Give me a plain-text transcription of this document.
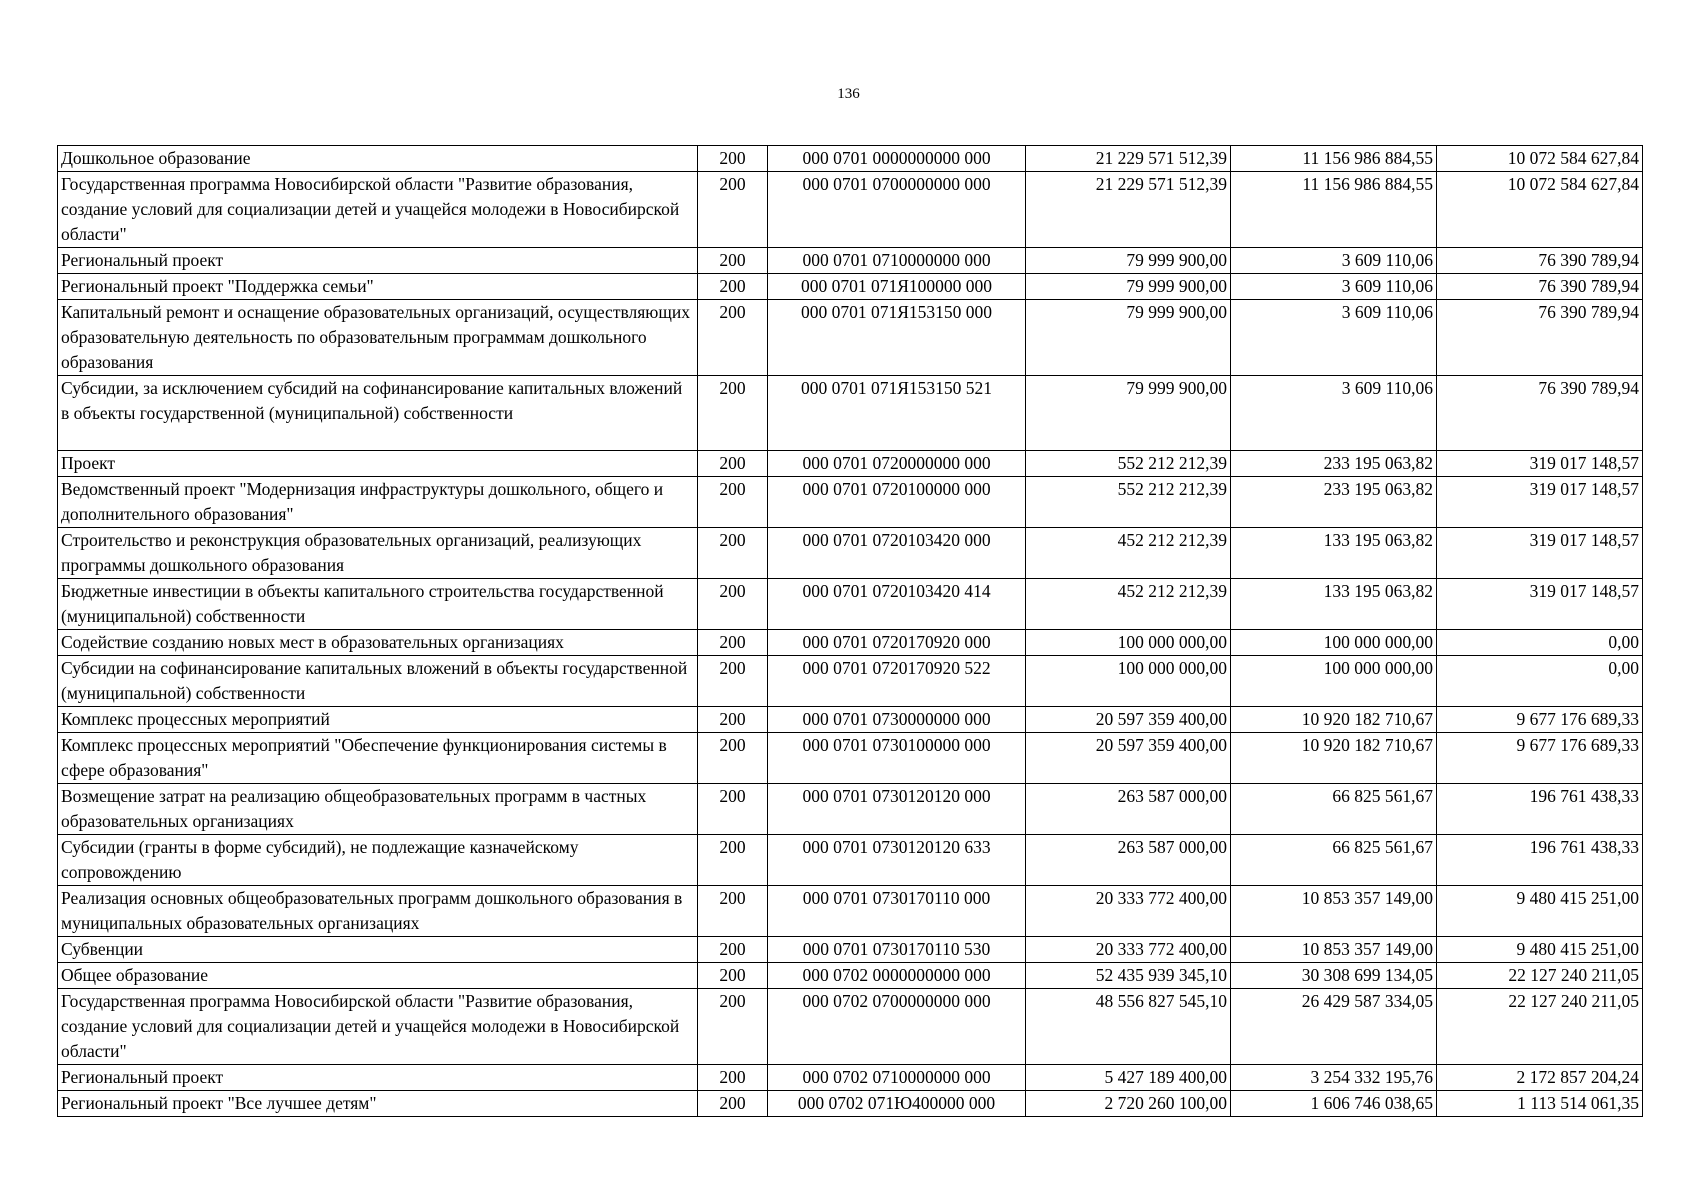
136
Дошкольное образование	200	000 0701 0000000000 000	21 229 571 512,39	11 156 986 884,55	10 072 584 627,84
Государственная программа Новосибирской области "Развитие образования, создание условий для социализации детей и учащейся молодежи в Новосибирской области"	200	000 0701 0700000000 000	21 229 571 512,39	11 156 986 884,55	10 072 584 627,84
Региональный проект	200	000 0701 0710000000 000	79 999 900,00	3 609 110,06	76 390 789,94
Региональный проект "Поддержка семьи"	200	000 0701 071Я100000 000	79 999 900,00	3 609 110,06	76 390 789,94
Капитальный ремонт и оснащение образовательных организаций, осуществляющих образовательную деятельность по образовательным программам дошкольного образования	200	000 0701 071Я153150 000	79 999 900,00	3 609 110,06	76 390 789,94
Субсидии, за исключением субсидий на софинансирование капитальных вложений в объекты государственной (муниципальной) собственности	200	000 0701 071Я153150 521	79 999 900,00	3 609 110,06	76 390 789,94
Проект	200	000 0701 0720000000 000	552 212 212,39	233 195 063,82	319 017 148,57
Ведомственный проект "Модернизация инфраструктуры дошкольного, общего и дополнительного образования"	200	000 0701 0720100000 000	552 212 212,39	233 195 063,82	319 017 148,57
Строительство и реконструкция образовательных организаций, реализующих программы дошкольного образования	200	000 0701 0720103420 000	452 212 212,39	133 195 063,82	319 017 148,57
Бюджетные инвестиции в объекты капитального строительства государственной (муниципальной) собственности	200	000 0701 0720103420 414	452 212 212,39	133 195 063,82	319 017 148,57
Содействие созданию новых мест в образовательных организациях	200	000 0701 0720170920 000	100 000 000,00	100 000 000,00	0,00
Субсидии на софинансирование капитальных вложений в объекты государственной (муниципальной) собственности	200	000 0701 0720170920 522	100 000 000,00	100 000 000,00	0,00
Комплекс процессных мероприятий	200	000 0701 0730000000 000	20 597 359 400,00	10 920 182 710,67	9 677 176 689,33
Комплекс процессных мероприятий "Обеспечение функционирования системы в сфере образования"	200	000 0701 0730100000 000	20 597 359 400,00	10 920 182 710,67	9 677 176 689,33
Возмещение затрат на реализацию общеобразовательных программ в частных образовательных организациях	200	000 0701 0730120120 000	263 587 000,00	66 825 561,67	196 761 438,33
Субсидии (гранты в форме субсидий), не подлежащие казначейскому сопровождению	200	000 0701 0730120120 633	263 587 000,00	66 825 561,67	196 761 438,33
Реализация основных общеобразовательных программ дошкольного образования в муниципальных образовательных организациях	200	000 0701 0730170110 000	20 333 772 400,00	10 853 357 149,00	9 480 415 251,00
Субвенции	200	000 0701 0730170110 530	20 333 772 400,00	10 853 357 149,00	9 480 415 251,00
Общее образование	200	000 0702 0000000000 000	52 435 939 345,10	30 308 699 134,05	22 127 240 211,05
Государственная программа Новосибирской области "Развитие образования, создание условий для социализации детей и учащейся молодежи в Новосибирской области"	200	000 0702 0700000000 000	48 556 827 545,10	26 429 587 334,05	22 127 240 211,05
Региональный проект	200	000 0702 0710000000 000	5 427 189 400,00	3 254 332 195,76	2 172 857 204,24
Региональный проект "Все лучшее детям"	200	000 0702 071Ю400000 000	2 720 260 100,00	1 606 746 038,65	1 113 514 061,35
